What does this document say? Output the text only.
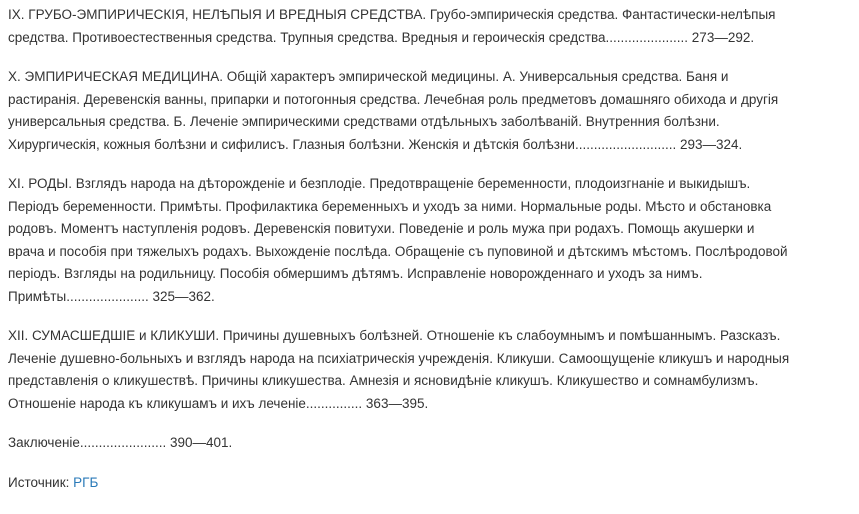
IX. ГРУБО-ЭМПИРИЧЕСКІЯ, НЕЛѢПЫЯ И ВРЕДНЫЯ СРЕДСТВА. Грубо-эмпирическія средства. Фантастически-нелѣпыя
средства. Противоестественныя средства. Трупныя средства. Вредныя и героическія средства...................... 273—292.

X. ЭМПИРИЧЕСКАЯ МЕДИЦИНА. Общій характеръ эмпирической медицины. А. Универсальныя средства. Баня и
растиранія. Деревенскія ванны, припарки и потогонныя средства. Лечебная роль предметовъ домашняго обихода и другія
универсальныя средства. Б. Леченіе эмпирическими средствами отдѣльныхъ заболѣваній. Внутренния болѣзни.
Хирургическія, кожныя болѣзни и сифилисъ. Глазныя болѣзни. Женскія и дѣтскія болѣзни........................... 293—324.

XI. РОДЫ. Взглядъ народа на дѣторожденіе и безплодіе. Предотвращеніе беременности, плодоизгнаніе и выкидышъ.
Періодъ беременности. Примѣты. Профилактика беременныхъ и уходъ за ними. Нормальные роды. Мѣсто и обстановка
родовъ. Моментъ наступленія родовъ. Деревенскія повитухи. Поведеніе и роль мужа при родахъ. Помощь акушерки и
врача и пособія при тяжелыхъ родахъ. Выхожденіе послѣда. Обращеніе съ пуповиной и дѣтскимъ мѣстомъ. Послѣродовой
періодъ. Взгляды на родильницу. Пособія обмершимъ дѣтямъ. Исправленіе новорожденнаго и уходъ за нимъ.
Примѣты...................... 325—362.

XII. СУМАСШЕДШІЕ и КЛИКУШИ. Причины душевныхъ болѣзней. Отношеніе къ слабоумнымъ и помѣшаннымъ. Разсказъ.
Леченіе душевно-больныхъ и взглядъ народа на психіатрическія учрежденія. Кликуши. Самоощущеніе кликушъ и народныя
представленія о кликушествѣ. Причины кликушества. Амнезія и ясновидѣніе кликушъ. Кликушество и сомнамбулизмъ.
Отношеніе народа къ кликушамъ и ихъ леченіе............... 363—395.

Заключеніе....................... 390—401.

Источник: РГБ
